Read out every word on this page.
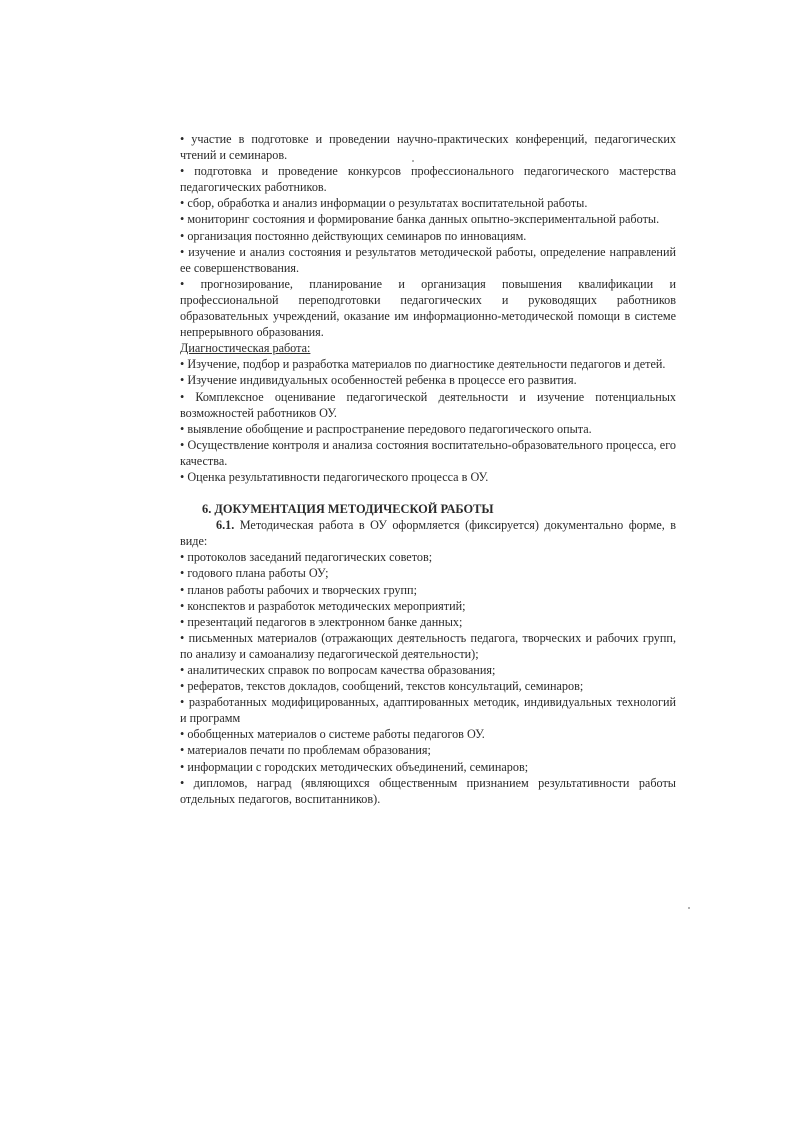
• участие в подготовке и проведении научно-практических конференций, педагогических чтений и семинаров.

• подготовка и проведение конкурсов профессионального педагогического мастерства педагогических работников.

• сбор, обработка и анализ информации о результатах воспитательной работы.

• мониторинг состояния и формирование банка данных опытно-экспериментальной работы.

• организация постоянно действующих семинаров по инновациям.

• изучение и анализ состояния и результатов методической работы, определение направлений ее совершенствования.

• прогнозирование, планирование и организация повышения квалификации и профессиональной переподготовки педагогических и руководящих работников образовательных учреждений, оказание им информационно-методической помощи в системе непрерывного образования.

Диагностическая работа:

• Изучение, подбор и разработка материалов по диагностике деятельности педагогов и детей.

• Изучение индивидуальных особенностей ребенка в процессе его развития.

• Комплексное оценивание педагогической деятельности и изучение потенциальных возможностей работников ОУ.

• выявление обобщение и распространение передового педагогического опыта.

• Осуществление контроля и анализа состояния воспитательно-образовательного процесса, его качества.

• Оценка результативности педагогического процесса в ОУ.

6. ДОКУМЕНТАЦИЯ МЕТОДИЧЕСКОЙ РАБОТЫ

6.1. Методическая работа в ОУ оформляется (фиксируется) документально форме, в виде:

• протоколов заседаний педагогических советов;

• годового плана работы ОУ;

• планов работы рабочих и творческих групп;

• конспектов и разработок методических мероприятий;

• презентаций педагогов в электронном банке данных;

• письменных материалов (отражающих деятельность педагога, творческих и рабочих групп, по анализу и самоанализу педагогической деятельности);

• аналитических справок по вопросам качества образования;

• рефератов, текстов докладов, сообщений, текстов консультаций, семинаров;

• разработанных модифицированных, адаптированных методик, индивидуальных технологий и программ

• обобщенных материалов о системе работы педагогов ОУ.

• материалов печати по проблемам образования;

• информации с городских методических объединений, семинаров;

• дипломов, наград (являющихся общественным признанием результативности работы отдельных педагогов, воспитанников).
